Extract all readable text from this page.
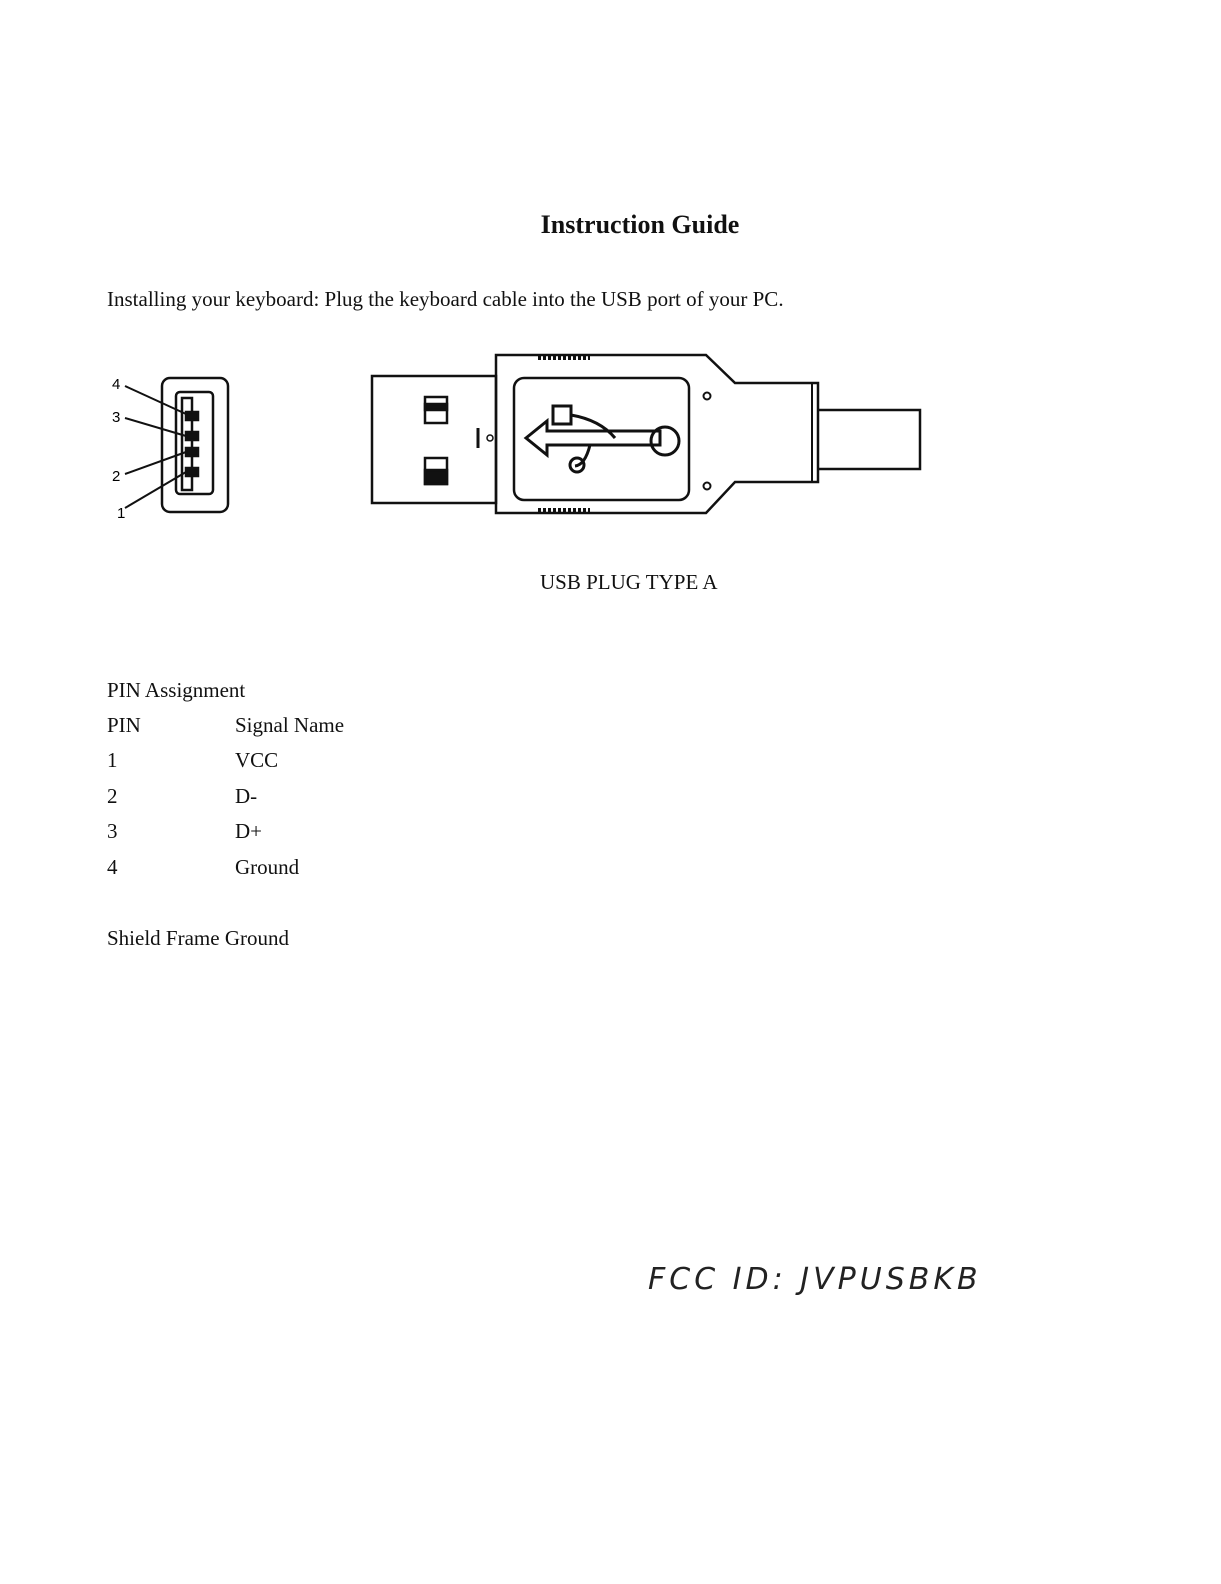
Instruction Guide
Installing your keyboard: Plug the keyboard cable into the USB port of your PC.
4
3
2
1
USB PLUG TYPE A
PIN Assignment
PIN	Signal Name
1	VCC
2	D-
3	D+
4	Ground
Shield Frame Ground
FCC ID: JVPUSBKB
